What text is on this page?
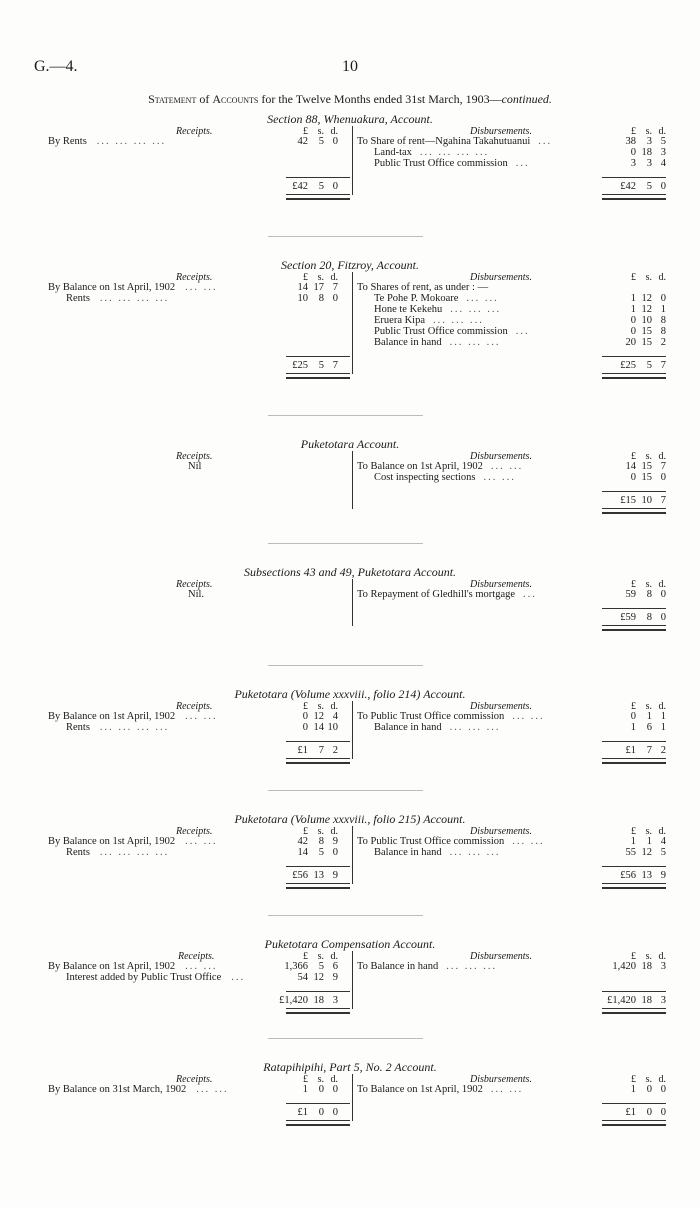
G.—4.	10
Statement of Accounts for the Twelve Months ended 31st March, 1903—continued.
Section 88, Whenuakura, Account.
Receipts.	Disbursements.
£ s. d.	£ s. d.
By Rents ... ... ... ...	42 5 0 To Share of rent—Ngahina Takahutuanui ...	38 3 5
Land-tax ... ... ... ...	0 18 3
Public Trust Office commission ...	3 3 4
£42 5 0	£42 5 0
Section 20, Fitzroy, Account.
Receipts.	Disbursements.
£ s. d.	£ s. d.
By Balance on 1st April, 1902 ... ...	14 17 7
Rents ... ... ... ...	10 8 0
To Shares of rent, as under : —
Te Pohe P. Mokoare ... ...	1 12 0
Hone te Kekehu ... ... ...	1 12 1
Eruera Kipa ... ... ...	0 10 8
Public Trust Office commission ...	0 15 8
Balance in hand ... ... ...	20 15 2
£25 5 7	£25 5 7
Puketotara Account.
Receipts.	Disbursements.	£ s. d.
Nil	To Balance on 1st April, 1902 ... ...	14 15 7
Cost inspecting sections ... ...	0 15 0
£15 10 7
Subsections 43 and 49, Puketotara Account.
Receipts.	Disbursements.	£ s. d.
Nil.	To Repayment of Gledhill's mortgage ...	59 8 0
£59 8 0
Puketotara (Volume xxxviii., folio 214) Account.
Receipts.	Disbursements.
£ s. d.	£ s. d.
By Balance on 1st April, 1902 ... ...	0 12 4
Rents ... ... ... ...	0 14 10
To Public Trust Office commission ... ...	0 1 1
Balance in hand ... ... ...	1 6 1
£1 7 2	£1 7 2
Puketotara (Volume xxxviii., folio 215) Account.
Receipts.	Disbursements.
£ s. d.	£ s. d.
By Balance on 1st April, 1902 ... ...	42 8 9
Rents ... ... ... ...	14 5 0
To Public Trust Office commission ... ...	1 1 4
Balance in hand ... ... ...	55 12 5
£56 13 9	£56 13 9
Puketotara Compensation Account.
Receipts.	Disbursements.
£ s. d.	£ s. d.
By Balance on 1st April, 1902 ... ...	1,366 5 6
Interest added by Public Trust Office ...	54 12 9
To Balance in hand ... ... ...	1,420 18 3
£1,420 18 3	£1,420 18 3
Ratapihipihi, Part 5, No. 2 Account.
Receipts.	Disbursements.
£ s. d.	£ s. d.
By Balance on 31st March, 1902 ... ...	1 0 0 To Balance on 1st April, 1902 ... ...	1 0 0
£1 0 0	£1 0 0
